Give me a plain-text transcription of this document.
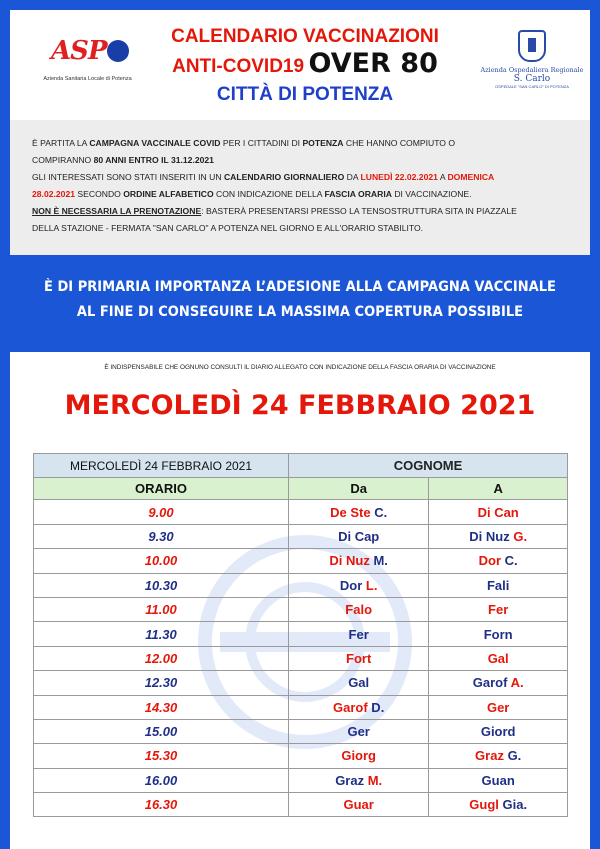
ASP
Azienda Sanitaria Locale di Potenza
CALENDARIO VACCINAZIONI
ANTI-COVID19 OVER 80
CITTÀ DI POTENZA
Azienda Ospedaliera Regionale
S. Carlo
OSPEDALE "SAN CARLO" DI POTENZA

È PARTITA LA CAMPAGNA VACCINALE COVID PER I CITTADINI DI POTENZA CHE HANNO COMPIUTO O

COMPIRANNO 80 ANNI ENTRO IL 31.12.2021

GLI INTERESSATI SONO STATI INSERITI IN UN CALENDARIO GIORNALIERO DA LUNEDÌ 22.02.2021 A DOMENICA

28.02.2021 SECONDO ORDINE ALFABETICO CON INDICAZIONE DELLA FASCIA ORARIA DI VACCINAZIONE.

NON È NECESSARIA LA PRENOTAZIONE: BASTERÀ PRESENTARSI PRESSO LA TENSOSTRUTTURA SITA IN PIAZZALE

DELLA STAZIONE - FERMATA "SAN CARLO" A POTENZA NEL GIORNO E ALL'ORARIO STABILITO.

È DI PRIMARIA IMPORTANZA L’ADESIONE ALLA CAMPAGNA VACCINALE
AL FINE DI CONSEGUIRE LA MASSIMA COPERTURA POSSIBILE
È INDISPENSABILE CHE OGNUNO CONSULTI IL DIARIO ALLEGATO CON INDICAZIONE DELLA FASCIA ORARIA DI VACCINAZIONE
MERCOLEDÌ 24 FEBBRAIO 2021
MERCOLEDÌ 24 FEBBRAIO 2021	COGNOME	
ORARIO	Da	A
9.00	De Ste C.	Di Can
9.30	Di Cap	Di Nuz G.
10.00	Di Nuz M.	Dor C.
10.30	Dor L.	Fali
11.00	Falo	Fer
11.30	Fer	Forn
12.00	Fort	Gal
12.30	Gal	Garof A.
14.30	Garof D.	Ger
15.00	Ger	Giord
15.30	Giorg	Graz G.
16.00	Graz M.	Guan
16.30	Guar	Gugl Gia.
